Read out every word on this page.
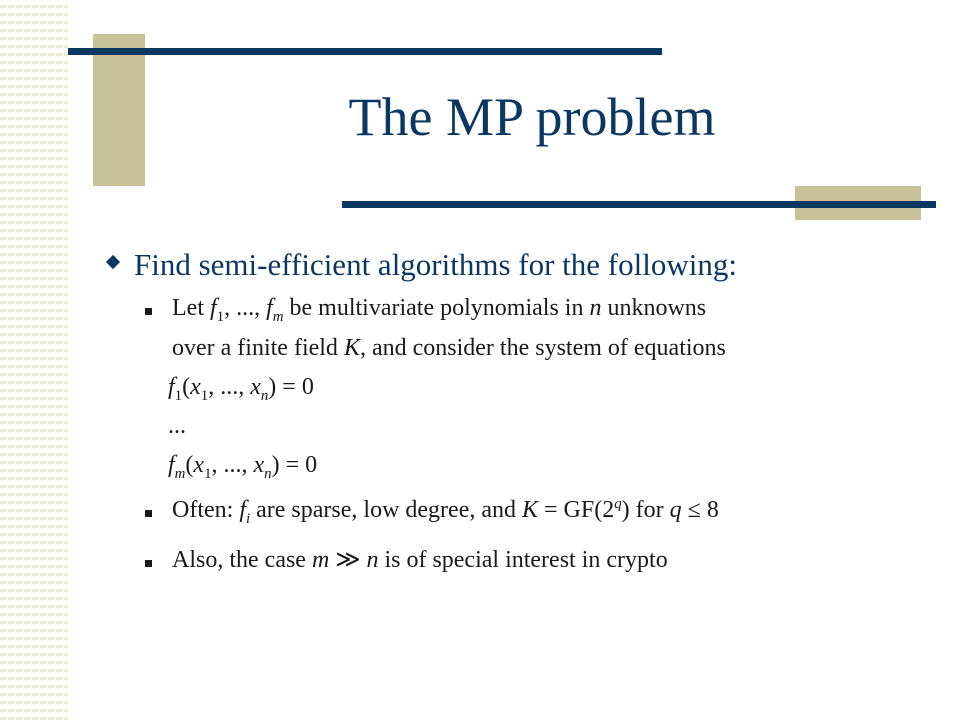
The MP problem
Find semi-efficient algorithms for the following:
Let $f_1$, ..., $f_m$ be multivariate polynomials in n unknowns
over a finite field K, and consider the system of equations
$f_1(x_1$, ..., $x_n) = 0$
...
$f_m(x_1$, ..., $x_n) = 0$
Often: $f_i$ are sparse, low degree, and $K = GF(2^q)$ for q ≤ 8
Also, the case m ≫ n is of special interest in crypto
